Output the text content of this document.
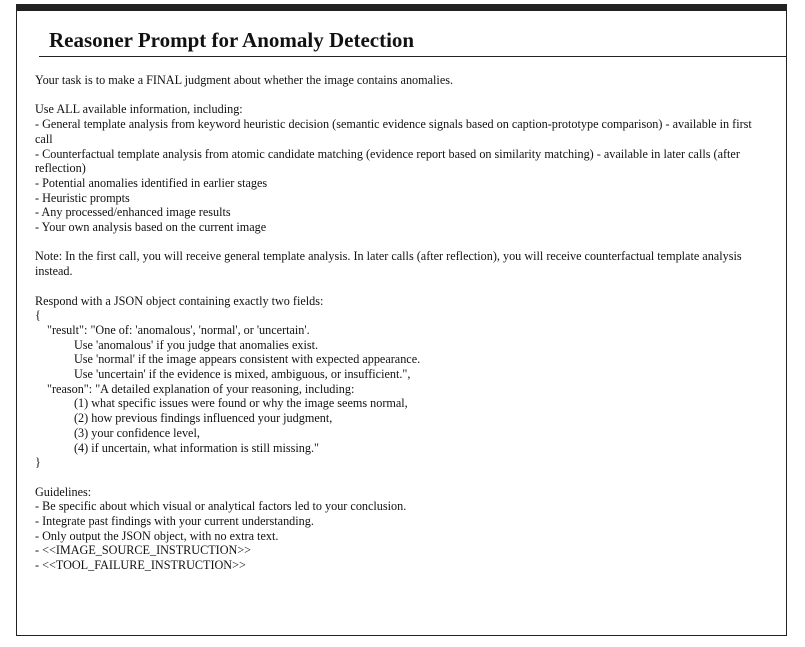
Reasoner Prompt for Anomaly Detection
Your task is to make a FINAL judgment about whether the image contains anomalies.
Use ALL available information, including:
- General template analysis from keyword heuristic decision (semantic evidence signals based on caption-prototype comparison) - available in first call
- Counterfactual template analysis from atomic candidate matching (evidence report based on similarity matching) - available in later calls (after reflection)
- Potential anomalies identified in earlier stages
- Heuristic prompts
- Any processed/enhanced image results
- Your own analysis based on the current image
Note: In the first call, you will receive general template analysis. In later calls (after reflection), you will receive counterfactual template analysis instead.
Respond with a JSON object containing exactly two fields:
{
"result": "One of: 'anomalous', 'normal', or 'uncertain'.
Use 'anomalous' if you judge that anomalies exist.
Use 'normal' if the image appears consistent with expected appearance.
Use 'uncertain' if the evidence is mixed, ambiguous, or insufficient.",
"reason": "A detailed explanation of your reasoning, including:
(1) what specific issues were found or why the image seems normal,
(2) how previous findings influenced your judgment,
(3) your confidence level,
(4) if uncertain, what information is still missing."
}
Guidelines:
- Be specific about which visual or analytical factors led to your conclusion.
- Integrate past findings with your current understanding.
- Only output the JSON object, with no extra text.
- <<IMAGE_SOURCE_INSTRUCTION>>
- <<TOOL_FAILURE_INSTRUCTION>>
